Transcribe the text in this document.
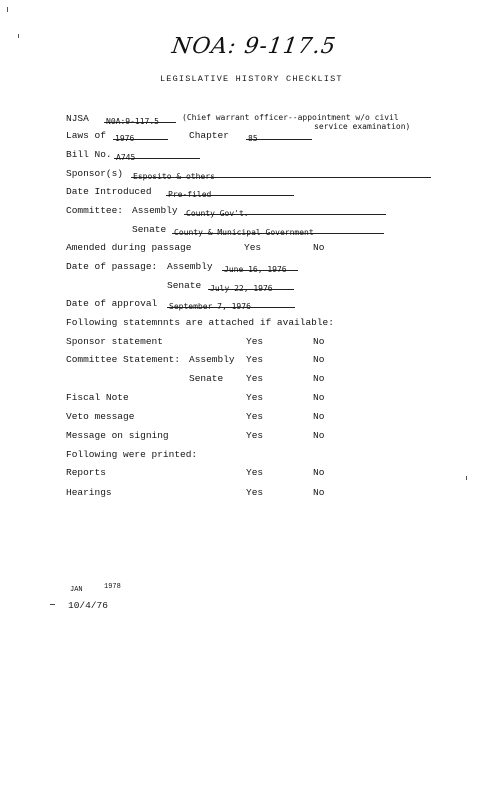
NOA: 9-117.5
LEGISLATIVE HISTORY CHECKLIST
NJSA N0A:9-117.5	(Chief warrant officer--appointment w/o civil
service examination)
Laws of 1976	Chapter 85
Bill No. A745
Sponsor(s) Esposito & others
Date Introduced Pre-filed
Committee: Assembly County Gov't.
Senate County & Municipal Government
Amended during passage	Yes	No
Date of passage: Assembly June 16, 1976
Senate July 22, 1976
Date of approval September 7, 1976
Following statemnnts are attached if available:
Sponsor statement	Yes	No
Committee Statement: Assembly Yes	No
Senate Yes	No
Fiscal Note	Yes	No
Veto message	Yes	No
Message on signing	Yes	No
Following were printed:
Reports	Yes	No
Hearings	Yes	No
JAN	1978
10/4/76
